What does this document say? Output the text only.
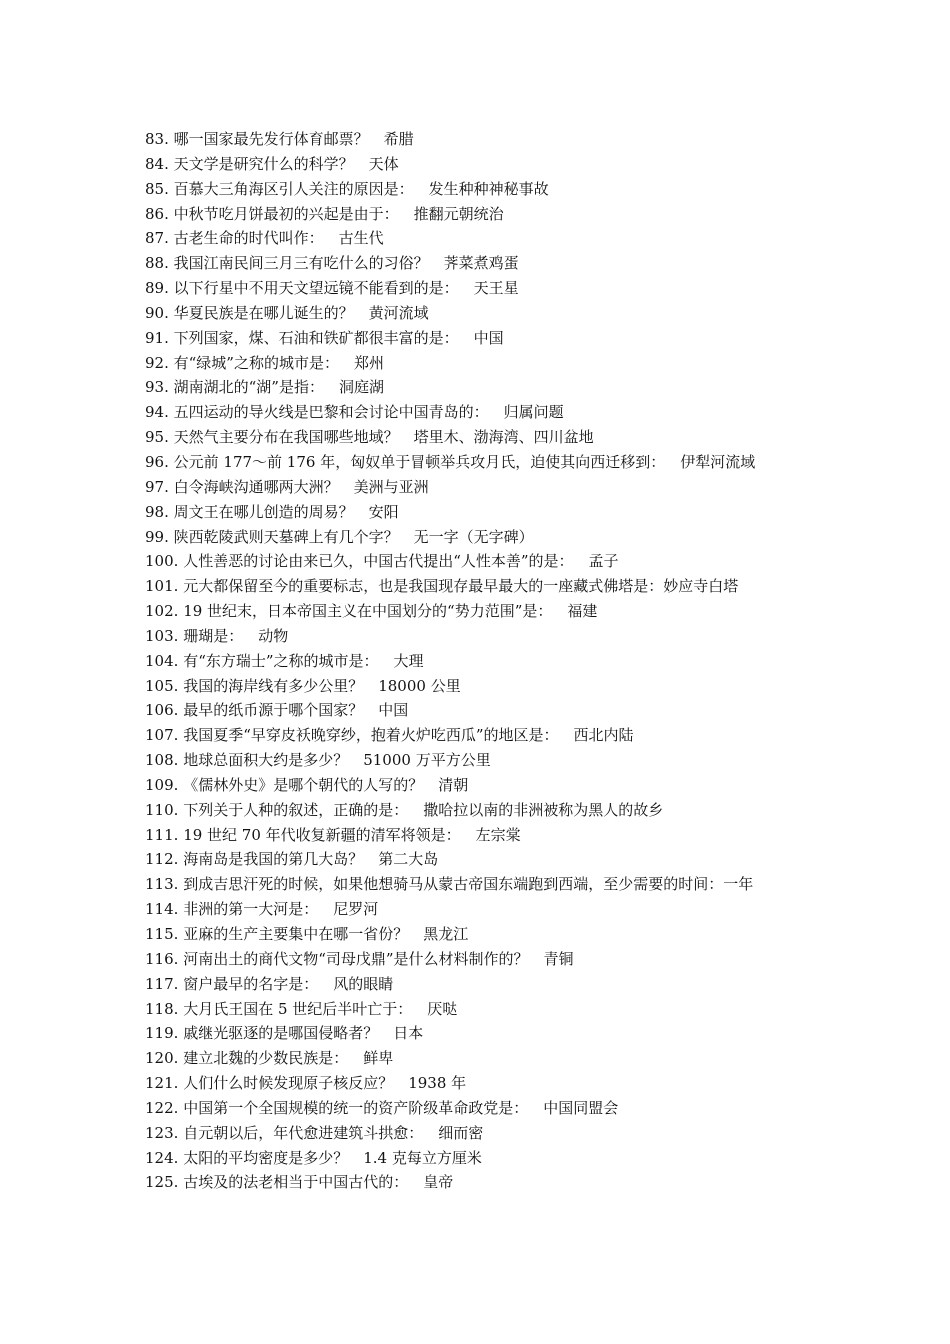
83. 哪一国家最先发行体育邮票？ 希腊
84. 天文学是研究什么的科学？ 天体
85. 百慕大三角海区引人关注的原因是： 发生种种神秘事故
86. 中秋节吃月饼最初的兴起是由于： 推翻元朝统治
87. 古老生命的时代叫作： 古生代
88. 我国江南民间三月三有吃什么的习俗？ 荠菜煮鸡蛋
89. 以下行星中不用天文望远镜不能看到的是： 天王星
90. 华夏民族是在哪儿诞生的？ 黄河流域
91. 下列国家，煤、石油和铁矿都很丰富的是： 中国
92. 有“绿城”之称的城市是： 郑州
93. 湖南湖北的“湖”是指： 洞庭湖
94. 五四运动的导火线是巴黎和会讨论中国青岛的： 归属问题
95. 天然气主要分布在我国哪些地域？ 塔里木、渤海湾、四川盆地
96. 公元前 177～前 176 年，匈奴单于冒顿举兵攻月氏，迫使其向西迁移到： 伊犁河流域
97. 白令海峡沟通哪两大洲？ 美洲与亚洲
98. 周文王在哪儿创造的周易？ 安阳
99. 陕西乾陵武则天墓碑上有几个字？ 无一字（无字碑）
100. 人性善恶的讨论由来已久，中国古代提出“人性本善”的是： 孟子
101. 元大都保留至今的重要标志，也是我国现存最早最大的一座藏式佛塔是：妙应寺白塔
102. 19 世纪末，日本帝国主义在中国划分的“势力范围”是： 福建
103. 珊瑚是： 动物
104. 有“东方瑞士”之称的城市是： 大理
105. 我国的海岸线有多少公里？ 18000 公里
106. 最早的纸币源于哪个国家？ 中国
107. 我国夏季“早穿皮袄晚穿纱，抱着火炉吃西瓜”的地区是： 西北内陆
108. 地球总面积大约是多少？ 51000 万平方公里
109. 《儒林外史》是哪个朝代的人写的？ 清朝
110. 下列关于人种的叙述，正确的是： 撒哈拉以南的非洲被称为黑人的故乡
111. 19 世纪 70 年代收复新疆的清军将领是： 左宗棠
112. 海南岛是我国的第几大岛？ 第二大岛
113. 到成吉思汗死的时候，如果他想骑马从蒙古帝国东端跑到西端，至少需要的时间：一年
114. 非洲的第一大河是： 尼罗河
115. 亚麻的生产主要集中在哪一省份？ 黑龙江
116. 河南出土的商代文物“司母戊鼎”是什么材料制作的？ 青铜
117. 窗户最早的名字是： 风的眼睛
118. 大月氏王国在 5 世纪后半叶亡于： 厌哒
119. 戚继光驱逐的是哪国侵略者？ 日本
120. 建立北魏的少数民族是： 鲜卑
121. 人们什么时候发现原子核反应？ 1938 年
122. 中国第一个全国规模的统一的资产阶级革命政党是： 中国同盟会
123. 自元朝以后，年代愈进建筑斗拱愈： 细而密
124. 太阳的平均密度是多少？ 1.4 克每立方厘米
125. 古埃及的法老相当于中国古代的： 皇帝
